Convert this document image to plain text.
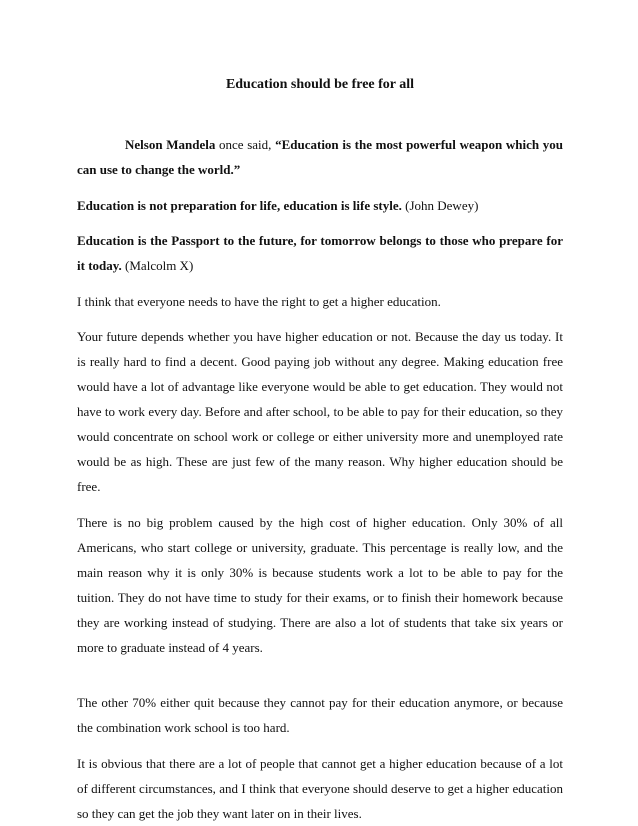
Education should be free for all

Nelson Mandela once said, “Education is the most powerful weapon which you can use to change the world.”

Education is not preparation for life, education is life style. (John Dewey)

Education is the Passport to the future, for tomorrow belongs to those who prepare for it today. (Malcolm X)

I think that everyone needs to have the right to get a higher education.

Your future depends whether you have higher education or not. Because the day us today. It is really hard to find a decent. Good paying job without any degree. Making education free would have a lot of advantage like everyone would be able to get education. They would not have to work every day. Before and after school, to be able to pay for their education, so they would concentrate on school work or college or either university more and unemployed rate would be as high. These are just few of the many reason. Why higher education should be free.

There is no big problem caused by the high cost of higher education. Only 30% of all Americans, who start college or university, graduate. This percentage is really low, and the main reason why it is only 30% is because students work a lot to be able to pay for the tuition. They do not have time to study for their exams, or to finish their homework because they are working instead of studying. There are also a lot of students that take six years or more to graduate instead of 4 years.

The other 70% either quit because they cannot pay for their education anymore, or because the combination work school is too hard.

It is obvious that there are a lot of people that cannot get a higher education because of a lot of different circumstances, and I think that everyone should deserve to get a higher education so they can get the job they want later on in their lives.
